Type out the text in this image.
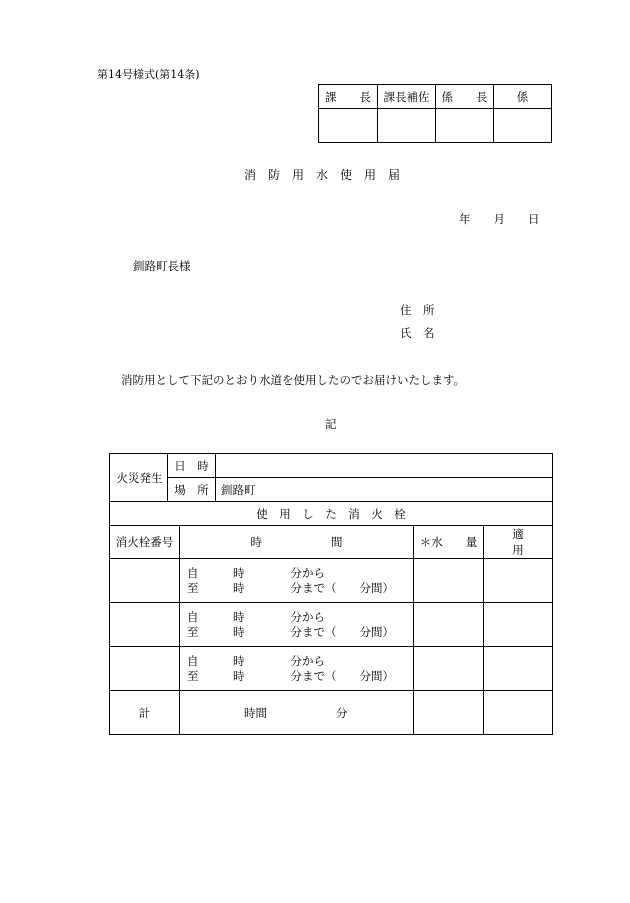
第14号様式(第14条)
課　　長	課長補佐	係　　長	係

消　防　用　水　使　用　届
年　　月　　日
釧路町長様
住　所
氏　名
消防用として下記のとおり水道を使用したのでお届けいたします。
記
火災発生	日　時				
	場　所		釧路町		
使　用　し　た　消　火　栓					
消火栓番号		時　　　　　　間		＊水　　量	適　　　　用

		自　　　時　　　　分から
至　　　時　　　　分まで（　　分間）			

		自　　　時　　　　分から
至　　　時　　　　分まで（　　分間）			

		自　　　時　　　　分から
至　　　時　　　　分まで（　　分間）			

計		時間　　　　　　分			
